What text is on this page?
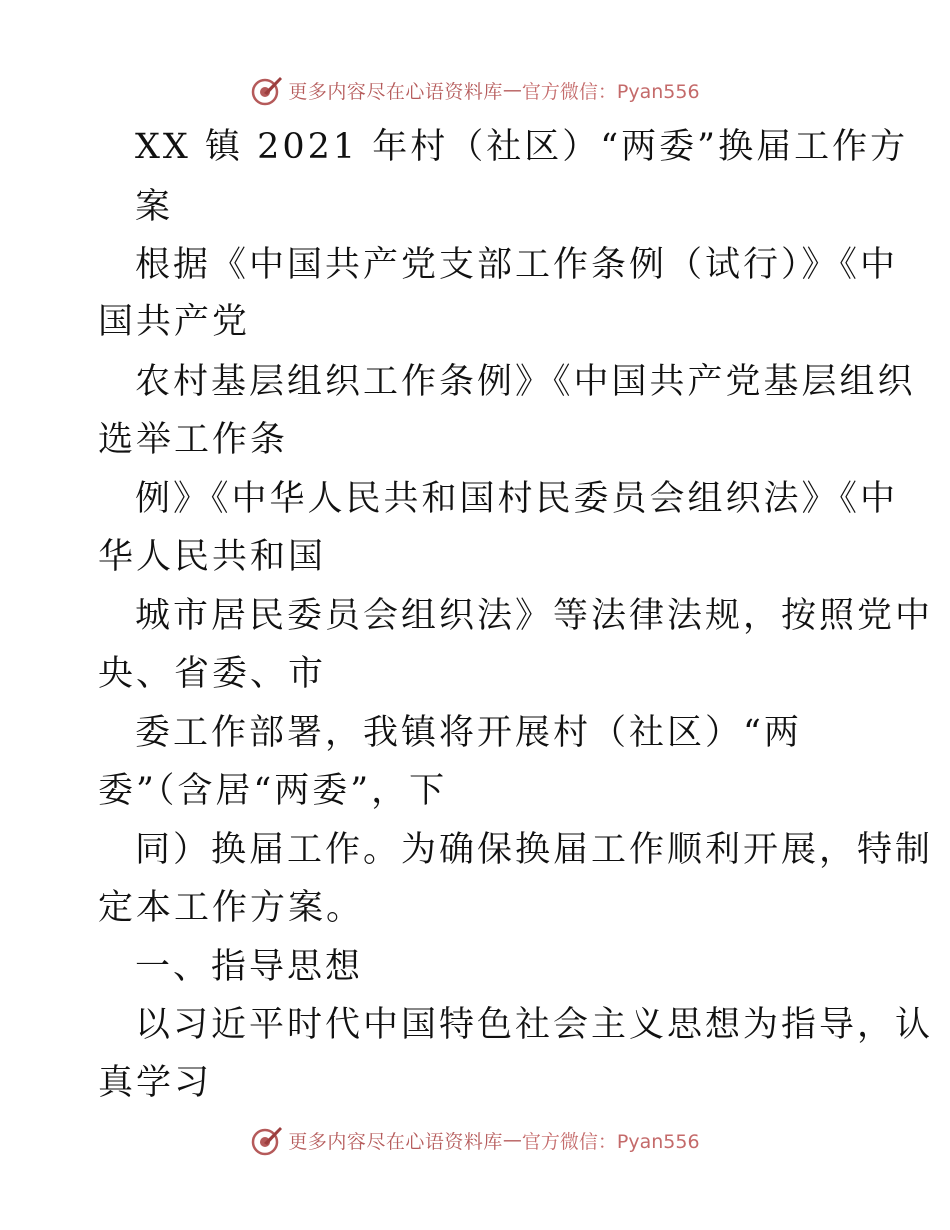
更多内容尽在心语资料库 — 官方微信：Pyan556
XX 镇 2021 年村（社区）“两委”换届工作方
案
根据《中国共产党支部工作条例（试行）》《中
国共产党
农村基层组织工作条例》《中国共产党基层组织
选举工作条
例》《中华人民共和国村民委员会组织法》《中
华人民共和国
城市居民委员会组织法》等法律法规，按照党中
央、省委、市
委工作部署，我镇将开展村（社区）“两
委”（含居“两委”，下
同）换届工作。为确保换届工作顺利开展，特制
定本工作方案。
一、指导思想
以习近平时代中国特色社会主义思想为指导，认
真学习
更多内容尽在心语资料库 — 官方微信：Pyan556
